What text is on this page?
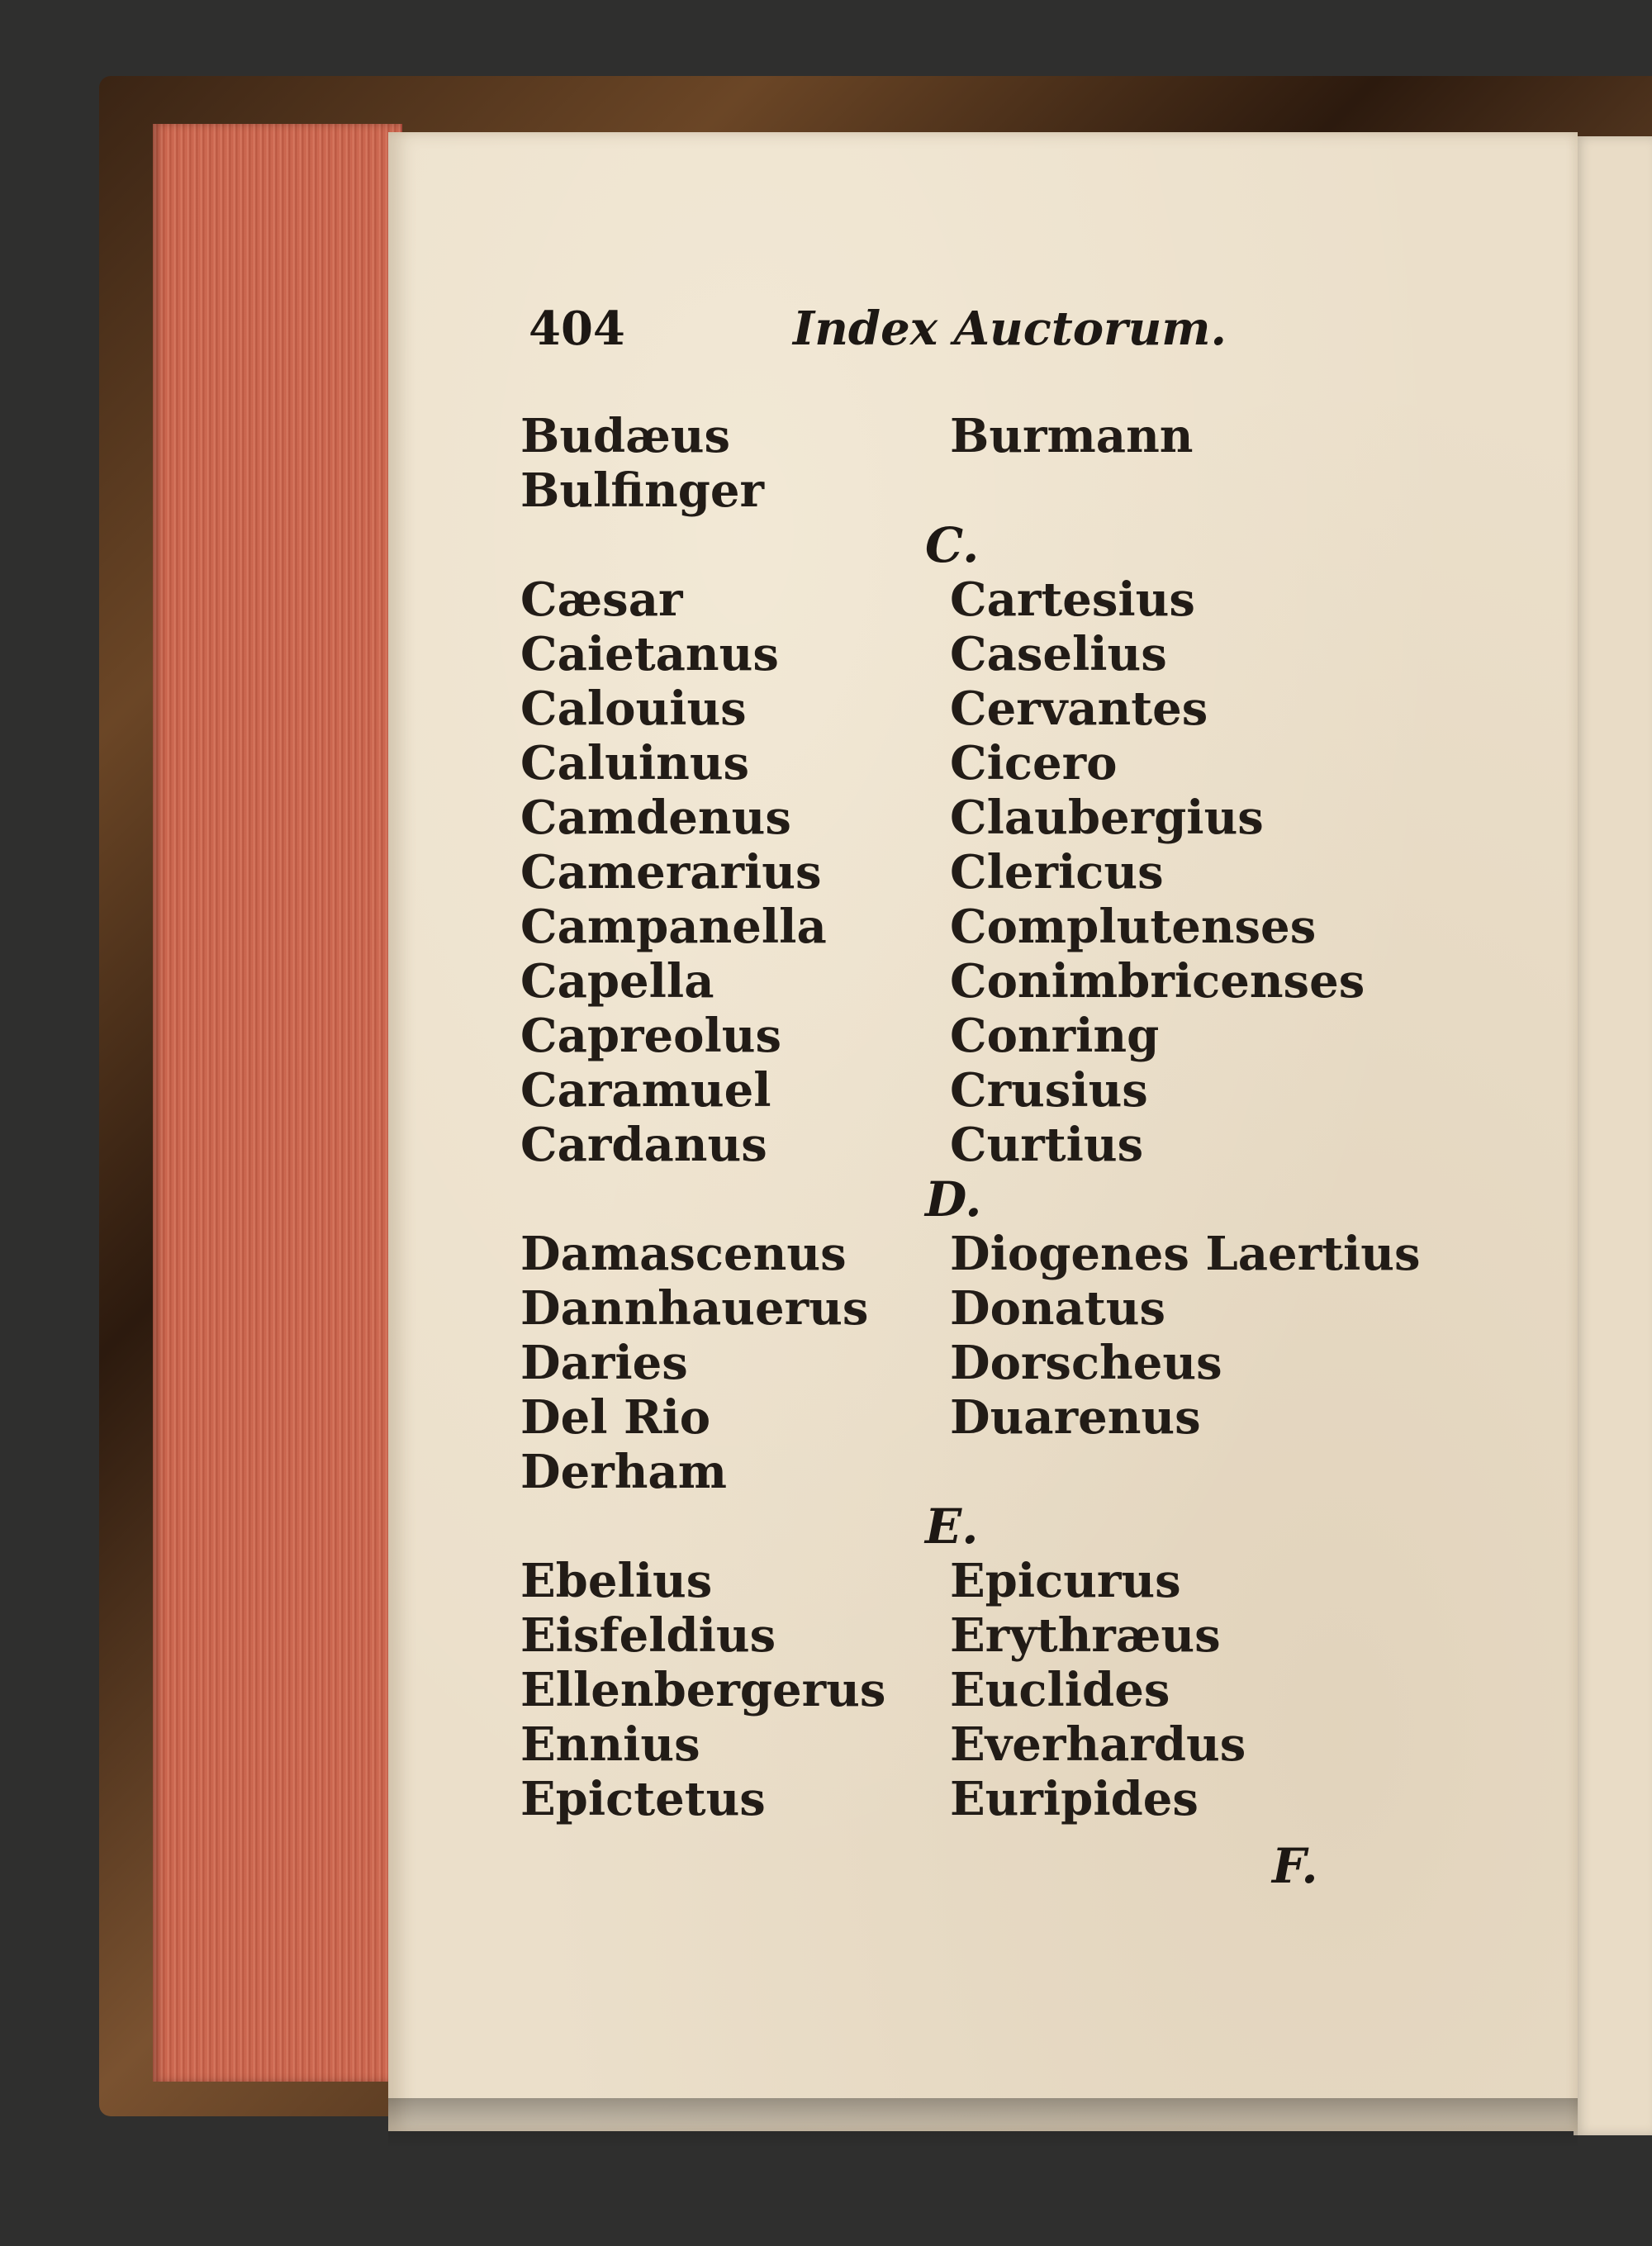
404	Index Auctorum.
Budæus
Bulfinger
Cæsar
Caietanus
Calouius
Caluinus
Camdenus
Camerarius
Campanella
Capella
Capreolus
Caramuel
Cardanus
Damascenus
Dannhauerus
Daries
Del Rio
Derham
Ebelius
Eisfeldius
Ellenbergerus
Ennius
Epictetus
Burmann
C.
Cartesius
Caselius
Cervantes
Cicero
Claubergius
Clericus
Complutenses
Conimbricenses
Conring
Crusius
Curtius
D.
Diogenes Laertius
Donatus
Dorscheus
Duarenus
E.
Epicurus
Erythræus
Euclides
Everhardus
Euripides
F.
